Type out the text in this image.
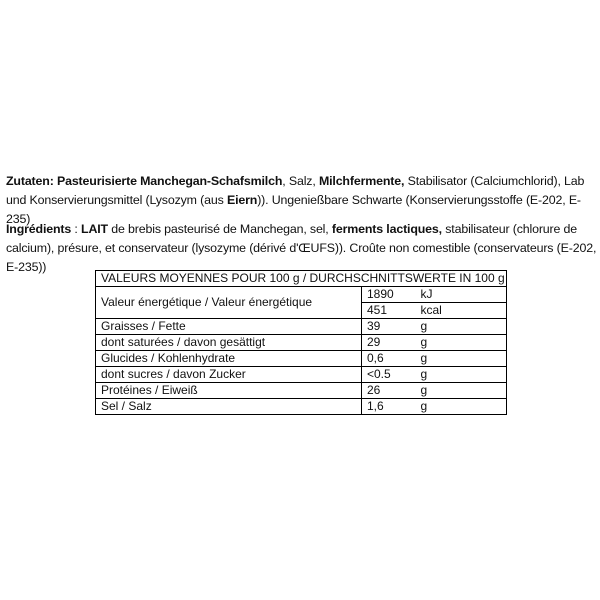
Zutaten: Pasteurisierte Manchegan-Schafsmilch, Salz, Milchfermente, Stabilisator (Calciumchlorid), Lab und Konservierungsmittel (Lysozym (aus Eiern)). Ungenießbare Schwarte (Konservierungsstoffe (E-202, E-235)
Ingrédients : LAIT de brebis pasteurisé de Manchegan, sel, ferments lactiques, stabilisateur (chlorure de calcium), présure, et conservateur (lysozyme (dérivé d'ŒUFS)). Croûte non comestible (conservateurs (E-202, E-235))
VALEURS MOYENNES POUR 100 g / DURCHSCHNITTSWERTE IN 100 g		
Valeur énergétique / Valeur énergétique	1890	kJ
	451	kcal
Graisses / Fette	39	g
dont saturées / davon gesättigt	29	g
Glucides / Kohlenhydrate	0,6	g
dont sucres / davon Zucker	<0.5	g
Protéines / Eiweiß	26	g
Sel / Salz	1,6	g
